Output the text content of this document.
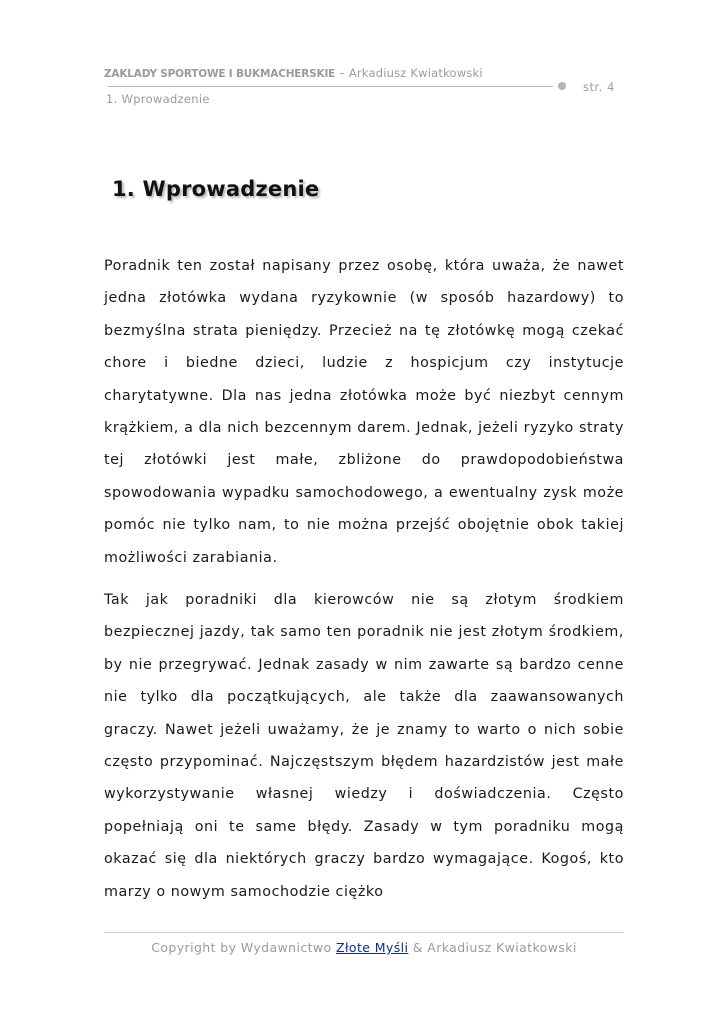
ZAKLADY SPORTOWE I BUKMACHERSKIE – Arkadiusz Kwiatkowski
str. 4
1. Wprowadzenie
1. Wprowadzenie

Poradnik ten został napisany przez osobę, która uważa, że nawet jedna złotówka wydana ryzykownie (w sposób hazardowy) to bezmyślna strata pieniędzy. Przecież na tę złotówkę mogą czekać chore i biedne dzieci, ludzie z hospicjum czy instytucje charytatywne. Dla nas jedna złotówka może być niezbyt cennym krążkiem, a dla nich bezcennym darem. Jednak, jeżeli ryzyko straty tej złotówki jest małe, zbliżone do prawdopodobieństwa spowodowania wypadku samochodowego, a ewentualny zysk może pomóc nie tylko nam, to nie można przejść obojętnie obok takiej możliwości zarabiania.

Tak jak poradniki dla kierowców nie są złotym środkiem bezpiecznej jazdy, tak samo ten poradnik nie jest złotym środkiem, by nie przegrywać. Jednak zasady w nim zawarte są bardzo cenne nie tylko dla początkujących, ale także dla zaawansowanych graczy. Nawet jeżeli uważamy, że je znamy to warto o nich sobie często przypominać. Najczęstszym błędem hazardzistów jest małe wykorzystywanie własnej wiedzy i doświadczenia. Często popełniają oni te same błędy. Zasady w tym poradniku mogą okazać się dla niektórych graczy bardzo wymagające. Kogoś, kto marzy o nowym samochodzie ciężko

Copyright by Wydawnictwo Złote Myśli & Arkadiusz Kwiatkowski
